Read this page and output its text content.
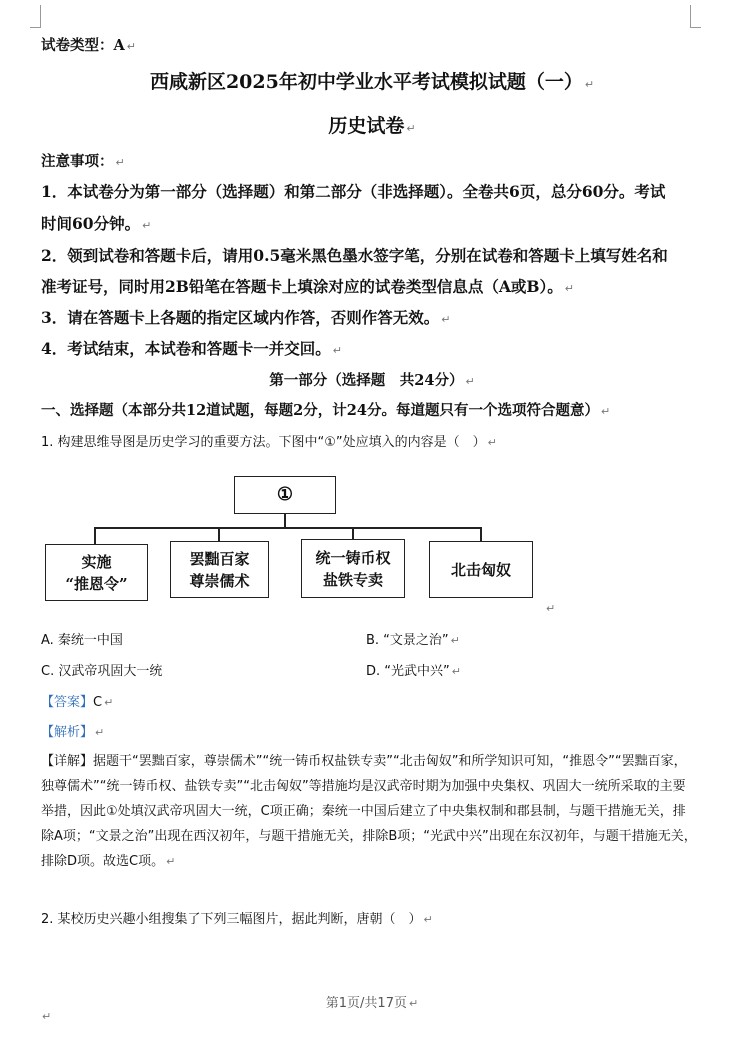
试卷类型：A ↵
西咸新区2025年初中学业水平考试模拟试题（一） ↵
历史试卷 ↵
注意事项： ↵
1．本试卷分为第一部分（选择题）和第二部分（非选择题）。全卷共6页，总分60分。考试
时间60分钟。 ↵
2．领到试卷和答题卡后，请用0.5毫米黑色墨水签字笔，分别在试卷和答题卡上填写姓名和
准考证号，同时用2B铅笔在答题卡上填涂对应的试卷类型信息点（A或B）。 ↵
3．请在答题卡上各题的指定区域内作答，否则作答无效。 ↵
4．考试结束，本试卷和答题卡一并交回。 ↵
第一部分（选择题　共24分） ↵
一、选择题（本部分共12道试题，每题2分，计24分。每道题只有一个选项符合题意） ↵
1. 构建思维导图是历史学习的重要方法。下图中“①”处应填入的内容是（　） ↵
①
实施
“推恩令”
罢黜百家
尊崇儒术
统一铸币权
盐铁专卖
北击匈奴
↵
A. 秦统一中国	B. “文景之治” ↵
C. 汉武帝巩固大一统	D. “光武中兴” ↵
【答案】C ↵
【解析】 ↵
【详解】据题干“罢黜百家，尊崇儒术”“统一铸币权盐铁专卖”“北击匈奴”和所学知识可知，“推恩令”“罢黜百家，独尊儒术”“统一铸币权、盐铁专卖”“北击匈奴”等措施均是汉武帝时期为加强中央集权、巩固大一统所采取的主要举措，因此①处填汉武帝巩固大一统，C项正确；秦统一中国后建立了中央集权制和郡县制，与题干措施无关，排除A项；“文景之治”出现在西汉初年，与题干措施无关，排除B项；“光武中兴”出现在东汉初年，与题干措施无关，排除D项。故选C项。 ↵
2. 某校历史兴趣小组搜集了下列三幅图片，据此判断，唐朝（　） ↵
第1页/共17页 ↵
↵
